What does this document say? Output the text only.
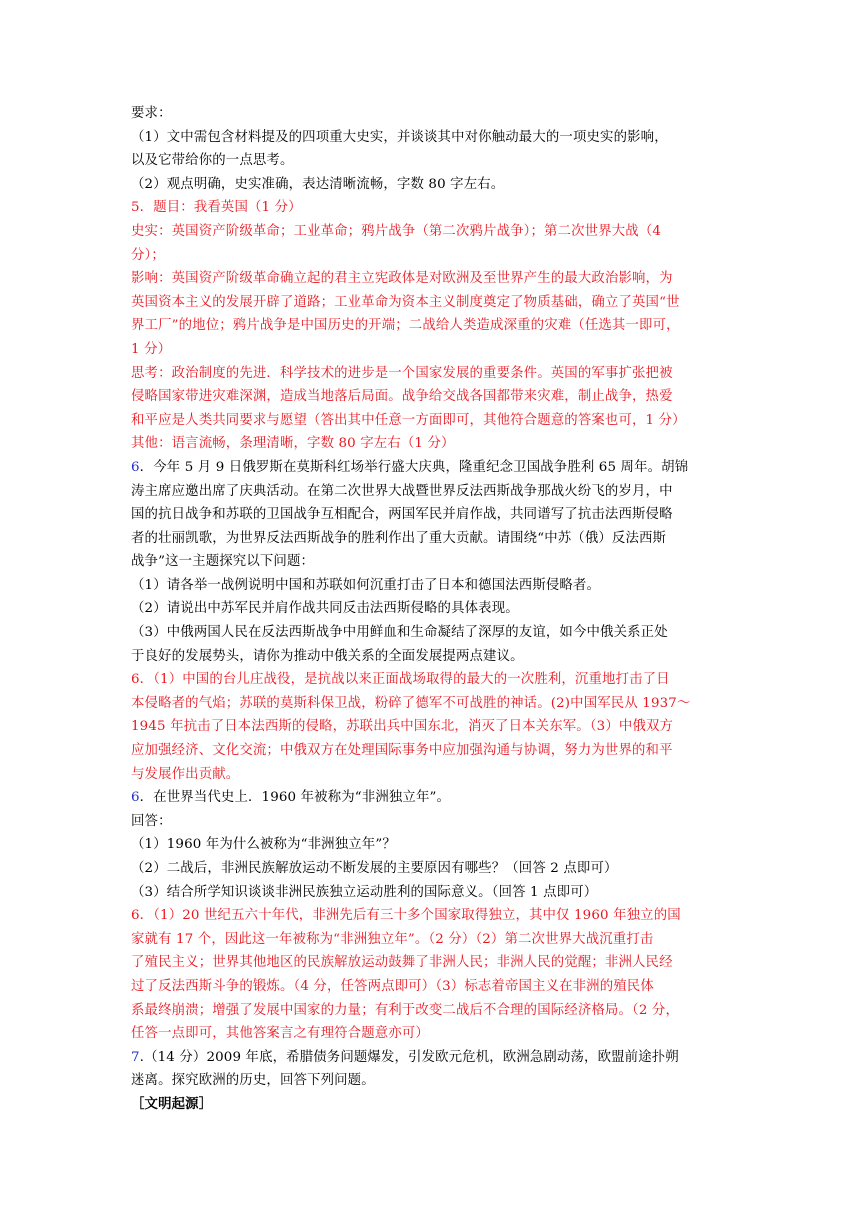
要求：
（1）文中需包含材料提及的四项重大史实，并谈谈其中对你触动最大的一项史实的影响，
以及它带给你的一点思考。
（2）观点明确，史实准确，表达清晰流畅，字数 80 字左右。
5．题目：我看英国（1 分）
史实：英国资产阶级革命；工业革命；鸦片战争（第二次鸦片战争）；第二次世界大战（4
分）；
影响：英国资产阶级革命确立起的君主立宪政体是对欧洲及至世界产生的最大政治影响，为
英国资本主义的发展开辟了道路；工业革命为资本主义制度奠定了物质基础，确立了英国“世
界工厂”的地位；鸦片战争是中国历史的开端；二战给人类造成深重的灾难（任选其一即可，
1 分）
思考：政治制度的先进．科学技术的进步是一个国家发展的重要条件。英国的军事扩张把被
侵略国家带进灾难深渊，造成当地落后局面。战争给交战各国都带来灾难，制止战争，热爱
和平应是人类共同要求与愿望（答出其中任意一方面即可，其他符合题意的答案也可，1 分）
其他：语言流畅，条理清晰，字数 80 字左右（1 分）
6．今年 5 月 9 日俄罗斯在莫斯科红场举行盛大庆典，隆重纪念卫国战争胜利 65 周年。胡锦
涛主席应邀出席了庆典活动。在第二次世界大战暨世界反法西斯战争那战火纷飞的岁月，中
国的抗日战争和苏联的卫国战争互相配合，两国军民并肩作战，共同谱写了抗击法西斯侵略
者的壮丽凯歌，为世界反法西斯战争的胜利作出了重大贡献。请围绕“中苏（俄）反法西斯
战争”这一主题探究以下问题：
（1）请各举一战例说明中国和苏联如何沉重打击了日本和德国法西斯侵略者。
（2）请说出中苏军民并肩作战共同反击法西斯侵略的具体表现。
（3）中俄两国人民在反法西斯战争中用鲜血和生命凝结了深厚的友谊，如今中俄关系正处
于良好的发展势头，请你为推动中俄关系的全面发展提两点建议。
6．（1）中国的台儿庄战役，是抗战以来正面战场取得的最大的一次胜利，沉重地打击了日
本侵略者的气焰；苏联的莫斯科保卫战，粉碎了德军不可战胜的神话。(2)中国军民从 1937～
1945 年抗击了日本法西斯的侵略，苏联出兵中国东北，消灭了日本关东军。（3）中俄双方
应加强经济、文化交流；中俄双方在处理国际事务中应加强沟通与协调，努力为世界的和平
与发展作出贡献。
6．在世界当代史上．1960 年被称为“非洲独立年”。
回答：
（1）1960 年为什么被称为“非洲独立年”？
（2）二战后，非洲民族解放运动不断发展的主要原因有哪些？（回答 2 点即可）
（3）结合所学知识谈谈非洲民族独立运动胜利的国际意义。（回答 1 点即可）
6．（1）20 世纪五六十年代，非洲先后有三十多个国家取得独立，其中仅 1960 年独立的国
家就有 17 个，因此这一年被称为“非洲独立年”。（2 分）（2）第二次世界大战沉重打击
了殖民主义；世界其他地区的民族解放运动鼓舞了非洲人民；非洲人民的觉醒；非洲人民经
过了反法西斯斗争的锻炼。（4 分，任答两点即可）（3）标志着帝国主义在非洲的殖民体
系最终崩溃；增强了发展中国家的力量；有利于改变二战后不合理的国际经济格局。（2 分，
任答一点即可，其他答案言之有理符合题意亦可）
7.（14 分）2009 年底，希腊债务问题爆发，引发欧元危机，欧洲急剧动荡，欧盟前途扑朔
迷离。探究欧洲的历史，回答下列问题。
［文明起源］
